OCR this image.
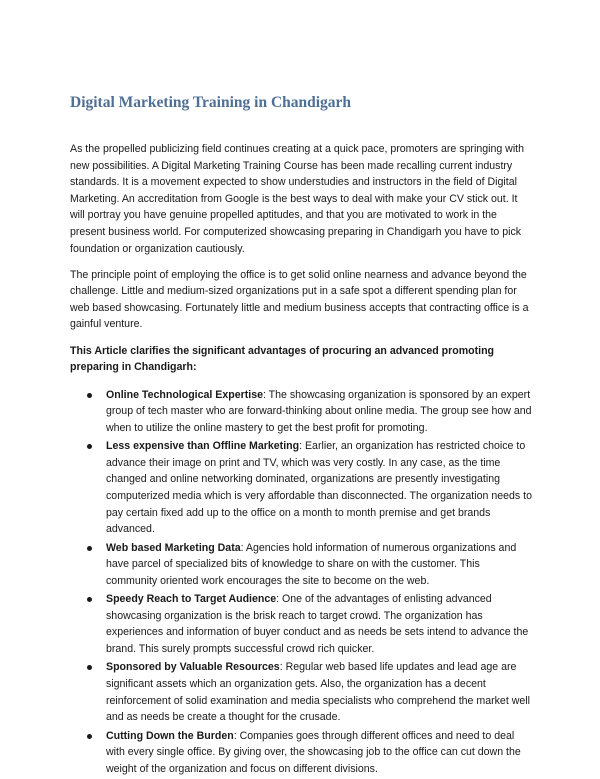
Digital Marketing Training in Chandigarh

As the propelled publicizing field continues creating at a quick pace, promoters are springing with new possibilities. A Digital Marketing Training Course has been made recalling current industry standards. It is a movement expected to show understudies and instructors in the field of Digital Marketing. An accreditation from Google is the best ways to deal with make your CV stick out. It will portray you have genuine propelled aptitudes, and that you are motivated to work in the present business world. For computerized showcasing preparing in Chandigarh you have to pick foundation or organization cautiously.

The principle point of employing the office is to get solid online nearness and advance beyond the challenge. Little and medium-sized organizations put in a safe spot a different spending plan for web based showcasing. Fortunately little and medium business accepts that contracting office is a gainful venture.

This Article clarifies the significant advantages of procuring an advanced promoting preparing in Chandigarh:

Online Technological Expertise: The showcasing organization is sponsored by an expert group of tech master who are forward-thinking about online media. The group see how and when to utilize the online mastery to get the best profit for promoting.
Less expensive than Offline Marketing: Earlier, an organization has restricted choice to advance their image on print and TV, which was very costly. In any case, as the time changed and online networking dominated, organizations are presently investigating computerized media which is very affordable than disconnected. The organization needs to pay certain fixed add up to the office on a month to month premise and get brands advanced.
Web based Marketing Data: Agencies hold information of numerous organizations and have parcel of specialized bits of knowledge to share on with the customer. This community oriented work encourages the site to become on the web.
Speedy Reach to Target Audience: One of the advantages of enlisting advanced showcasing organization is the brisk reach to target crowd. The organization has experiences and information of buyer conduct and as needs be sets intend to advance the brand. This surely prompts successful crowd rich quicker.
Sponsored by Valuable Resources: Regular web based life updates and lead age are significant assets which an organization gets. Also, the organization has a decent reinforcement of solid examination and media specialists who comprehend the market well and as needs be create a thought for the crusade.
Cutting Down the Burden: Companies goes through different offices and need to deal with every single office. By giving over, the showcasing job to the office can cut down the weight of the organization and focus on different divisions.
